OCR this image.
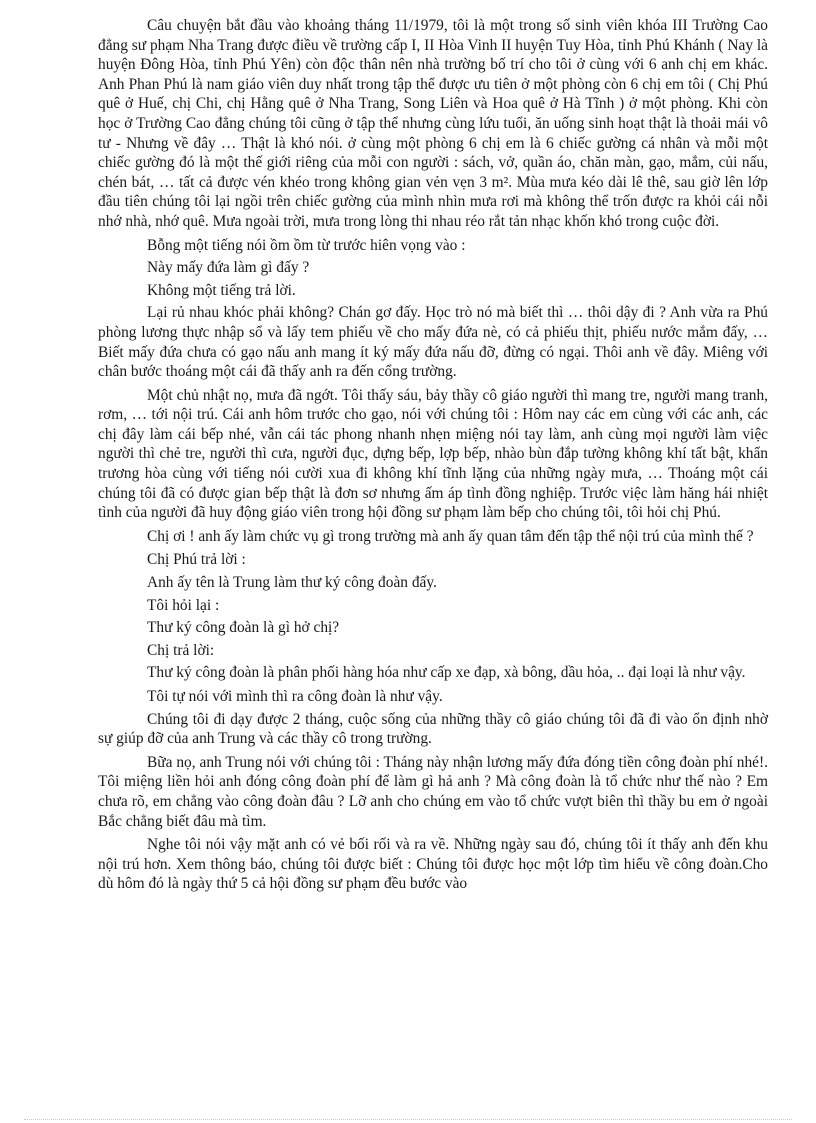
Câu chuyện bắt đầu vào khoảng tháng 11/1979, tôi là một trong số sinh viên khóa III Trường Cao đẳng sư phạm Nha Trang được điều về trường cấp I, II Hòa Vinh II huyện Tuy Hòa, tỉnh Phú Khánh ( Nay là huyện Đông Hòa, tỉnh Phú Yên) còn độc thân nên nhà trường bố trí cho tôi ở cùng với 6 anh chị em khác. Anh Phan Phú là nam giáo viên duy nhất trong tập thể được ưu tiên ở một phòng còn 6 chị em tôi ( Chị Phú quê ở Huế, chị Chi, chị Hằng quê ở Nha Trang, Song Liên và Hoa quê ở Hà Tĩnh ) ở một phòng. Khi còn học ở Trường Cao đẳng chúng tôi cũng ở tập thể nhưng cùng lứu tuổi, ăn uống sinh hoạt thật là thoải mái vô tư - Nhưng về đây … Thật là khó nói. ở cùng một phòng 6 chị em là 6 chiếc gường cá nhân và mỗi một chiếc gường đó là một thế giới riêng của mỗi con người : sách, vở, quần áo, chăn màn, gạo, mắm, củi nấu, chén bát, … tất cả được vén khéo trong không gian vẻn vẹn 3 m². Mùa mưa kéo dài lê thê, sau giờ lên lớp đầu tiên chúng tôi lại ngồi trên chiếc gường của mình nhìn mưa rơi mà không thể trốn được ra khỏi cái nỗi nhớ nhà, nhớ quê. Mưa ngoài trời, mưa trong lòng thi nhau réo rắt tản nhạc khốn khó trong cuộc đời.

Bỗng một tiếng nói ồm ồm từ trước hiên vọng vào :

Này mấy đứa làm gì đấy ?

Không một tiếng trả lời.

Lại rủ nhau khóc phải không? Chán gơ đấy. Học trò nó mà biết thì … thôi dậy đi ? Anh vừa ra Phú phòng lương thực nhập sổ và lấy tem phiếu về cho mấy đứa nè, có cả phiếu thịt, phiếu nước mắm đấy, … Biết mấy đứa chưa có gạo nấu anh mang ít ký mấy đứa nấu đỡ, đừng có ngại. Thôi anh về đây. Miêng với chân bước thoáng một cái đã thấy anh ra đến cổng trường.

Một chủ nhật nọ, mưa đã ngớt. Tôi thấy sáu, bảy thầy cô giáo người thì mang tre, người mang tranh, rơm, … tới nội trú. Cái anh hôm trước cho gạo, nói với chúng tôi : Hôm nay các em cùng với các anh, các chị đây làm cái bếp nhé, vẫn cái tác phong nhanh nhẹn miệng nói tay làm, anh cùng mọi người làm việc người thì chẻ tre, người thì cưa, người đục, dựng bếp, lợp bếp, nhào bùn đắp tường không khí tất bật, khẩn trương hòa cùng với tiếng nói cười xua đi không khí tĩnh lặng của những ngày mưa, … Thoáng một cái chúng tôi đã có được gian bếp thật là đơn sơ nhưng ấm áp tình đồng nghiệp. Trước việc làm hăng hái nhiệt tình của người đã huy động giáo viên trong hội đồng sư phạm làm bếp cho chúng tôi, tôi hỏi chị Phú.

Chị ơi ! anh ấy làm chức vụ gì trong trường mà anh ấy quan tâm đến tập thể nội trú của mình thế ?

Chị Phú trả lời :

Anh ấy tên là Trung làm thư ký công đoàn đấy.

Tôi hỏi lại :

Thư ký công đoàn là gì hở chị?

Chị trả lời:

Thư ký công đoàn là phân phối hàng hóa như cấp xe đạp, xà bông, dầu hỏa, .. đại loại là như vậy.

Tôi tự nói với mình thì ra công đoàn là như vậy.

Chúng tôi đi dạy được 2 tháng, cuộc sống của những thầy cô giáo chúng tôi đã đi vào ổn định nhờ sự giúp đỡ của anh Trung và các thầy cô trong trường.

Bữa nọ, anh Trung nói với chúng tôi : Tháng này nhận lương mấy đứa đóng tiền công đoàn phí nhé!. Tôi miệng liền hỏi anh đóng công đoàn phí để làm gì hả anh ? Mà công đoàn là tổ chức như thế nào ? Em chưa rõ, em chẳng vào công đoàn đâu ? Lỡ anh cho chúng em vào tổ chức vượt biên thì thầy bu em ở ngoài Bắc chẳng biết đâu mà tìm.

Nghe tôi nói vậy mặt anh có vẻ bối rối và ra về. Những ngày sau đó, chúng tôi ít thấy anh đến khu nội trú hơn. Xem thông báo, chúng tôi được biết : Chúng tôi được học một lớp tìm hiểu về công đoàn.Cho dù hôm đó là ngày thứ 5 cả hội đồng sư phạm đều bước vào
